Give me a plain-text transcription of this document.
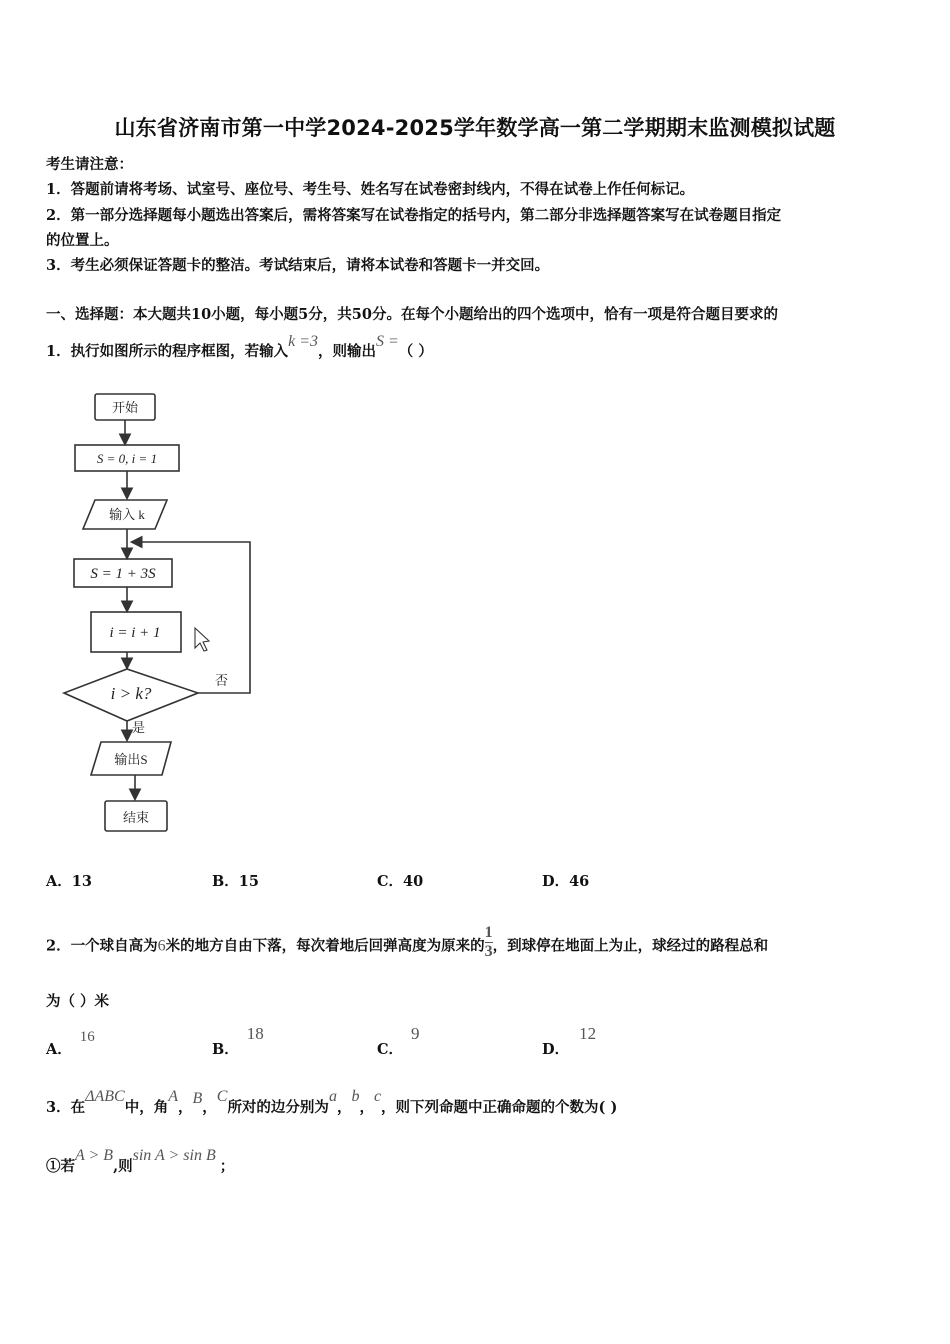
山东省济南市第一中学2024-2025学年数学高一第二学期期末监测模拟试题
考生请注意：
1．答题前请将考场、试室号、座位号、考生号、姓名写在试卷密封线内，不得在试卷上作任何标记。
2．第一部分选择题每小题选出答案后，需将答案写在试卷指定的括号内，第二部分非选择题答案写在试卷题目指定
的位置上。
3．考生必须保证答题卡的整洁。考试结束后，请将本试卷和答题卡一并交回。
一、选择题：本大题共10小题，每小题5分，共50分。在每个小题给出的四个选项中，恰有一项是符合题目要求的
1．执行如图所示的程序框图，若输入k =3，则输出S =（ ）
开始
S = 0, i = 1
输入 k
S = 1 + 3S
i = i + 1
i > k?
否
是
输出S
结束
A．13	B．15	C．40	D．46
2．一个球自高为6米的地方自由下落，每次着地后回弹高度为原来的 $\frac{1}{3}$ ，到球停在地面上为止，球经过的路程总和
为（ ）米
A．16
B．18
C．9
D．12
3．在ΔABC中，角A，B，C所对的边分别为a，b，c，则下列命题中正确命题的个数为( )
①若A > B,则sin A > sin B；
